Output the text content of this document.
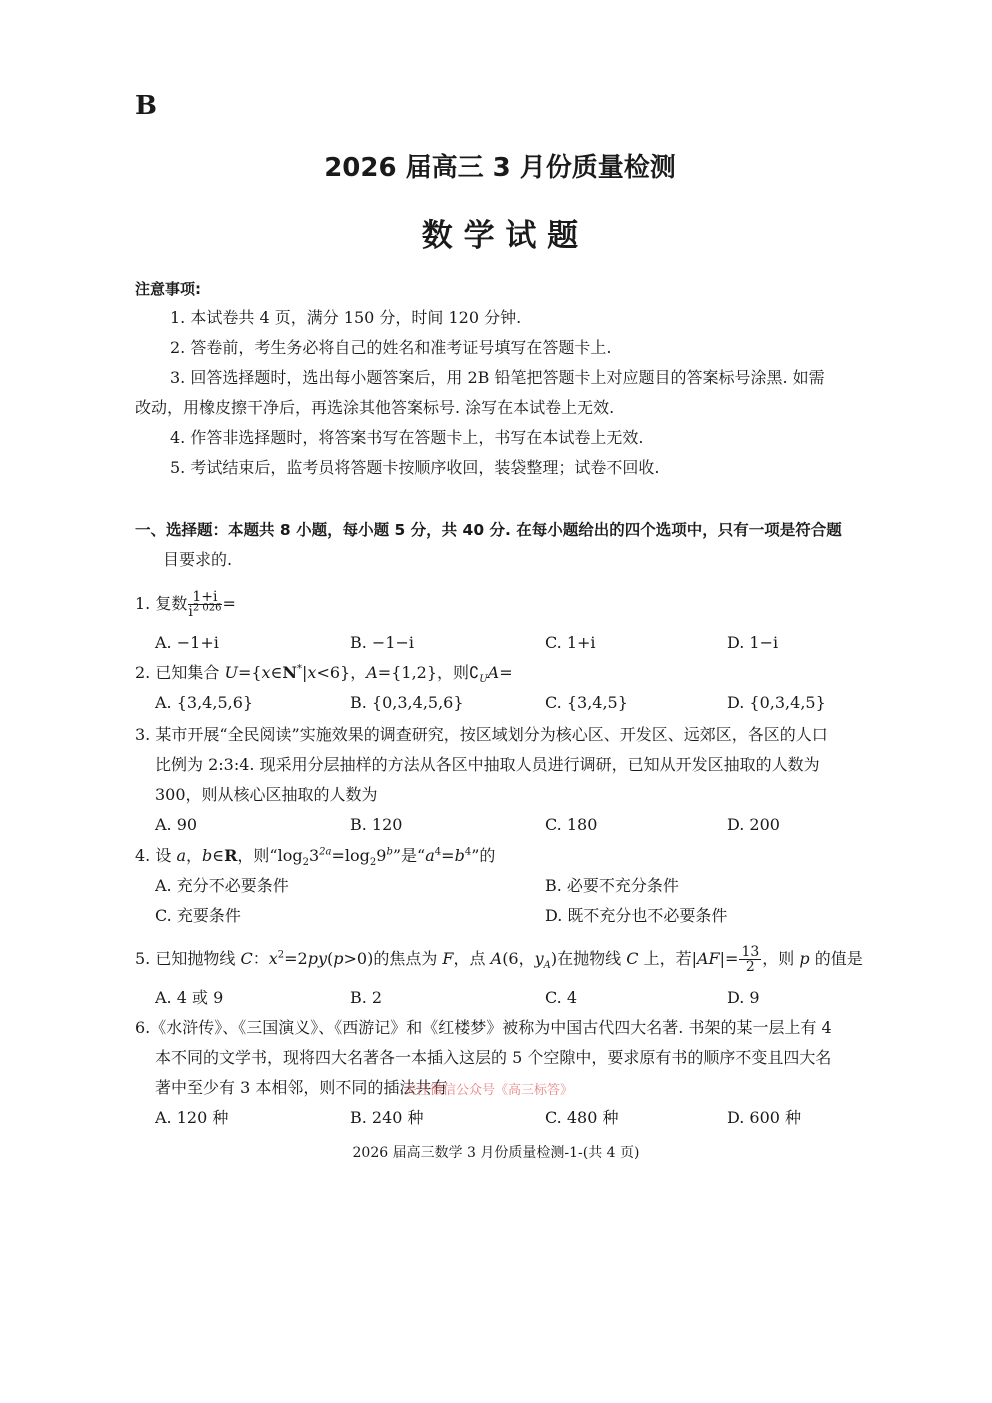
B
2026 届高三 3 月份质量检测
数 学 试 题
注意事项:
1. 本试卷共 4 页，满分 150 分，时间 120 分钟.
2. 答卷前，考生务必将自己的姓名和准考证号填写在答题卡上.
3. 回答选择题时，选出每小题答案后，用 2B 铅笔把答题卡上对应题目的答案标号涂黑. 如需
改动，用橡皮擦干净后，再选涂其他答案标号. 涂写在本试卷上无效.
4. 作答非选择题时，将答案书写在答题卡上，书写在本试卷上无效.
5. 考试结束后，监考员将答题卡按顺序收回，装袋整理；试卷不回收.
一、选择题：本题共 8 小题，每小题 5 分，共 40 分. 在每小题给出的四个选项中，只有一项是符合题
目要求的.
1. 复数 $\frac{1+i}{i^{2 026}}$ =
A. −1+i	B. −1−i	C. 1+i	D. 1−i
2. 已知集合 U={x∈N*|x<6}，A={1,2}，则$∁_UA=$
A. {3,4,5,6}	B. {0,3,4,5,6}	C. {3,4,5}	D. {0,3,4,5}
3. 某市开展“全民阅读”实施效果的调查研究，按区域划分为核心区、开发区、远郊区，各区的人口
比例为 2:3:4. 现采用分层抽样的方法从各区中抽取人员进行调研，已知从开发区抽取的人数为
300，则从核心区抽取的人数为
A. 90	B. 120	C. 180	D. 200
4. 设 a，b∈R，则“$\log_23^{2a}=\log_29^b$”是“$a^4=b^4$”的
A. 充分不必要条件	B. 必要不充分条件
C. 充要条件	D. 既不充分也不必要条件
5. 已知抛物线 C：$x^2=2py(p>0)$的焦点为 F，点 A(6，$y_A$)在抛物线 C 上，若$|AF|= \frac{13}{2}$ ，则 p 的值是
A. 4 或 9	B. 2	C. 4	D. 9
6.《水浒传》、《三国演义》、《西游记》和《红楼梦》被称为中国古代四大名著. 书架的某一层上有 4
本不同的文学书，现将四大名著各一本插入这层的 5 个空隙中，要求原有书的顺序不变且四大名
著中至少有 3 本相邻，则不同的插法共有
关注微信公众号《高三标答》
A. 120 种	B. 240 种	C. 480 种	D. 600 种
2026 届高三数学 3 月份质量检测-1-(共 4 页)
